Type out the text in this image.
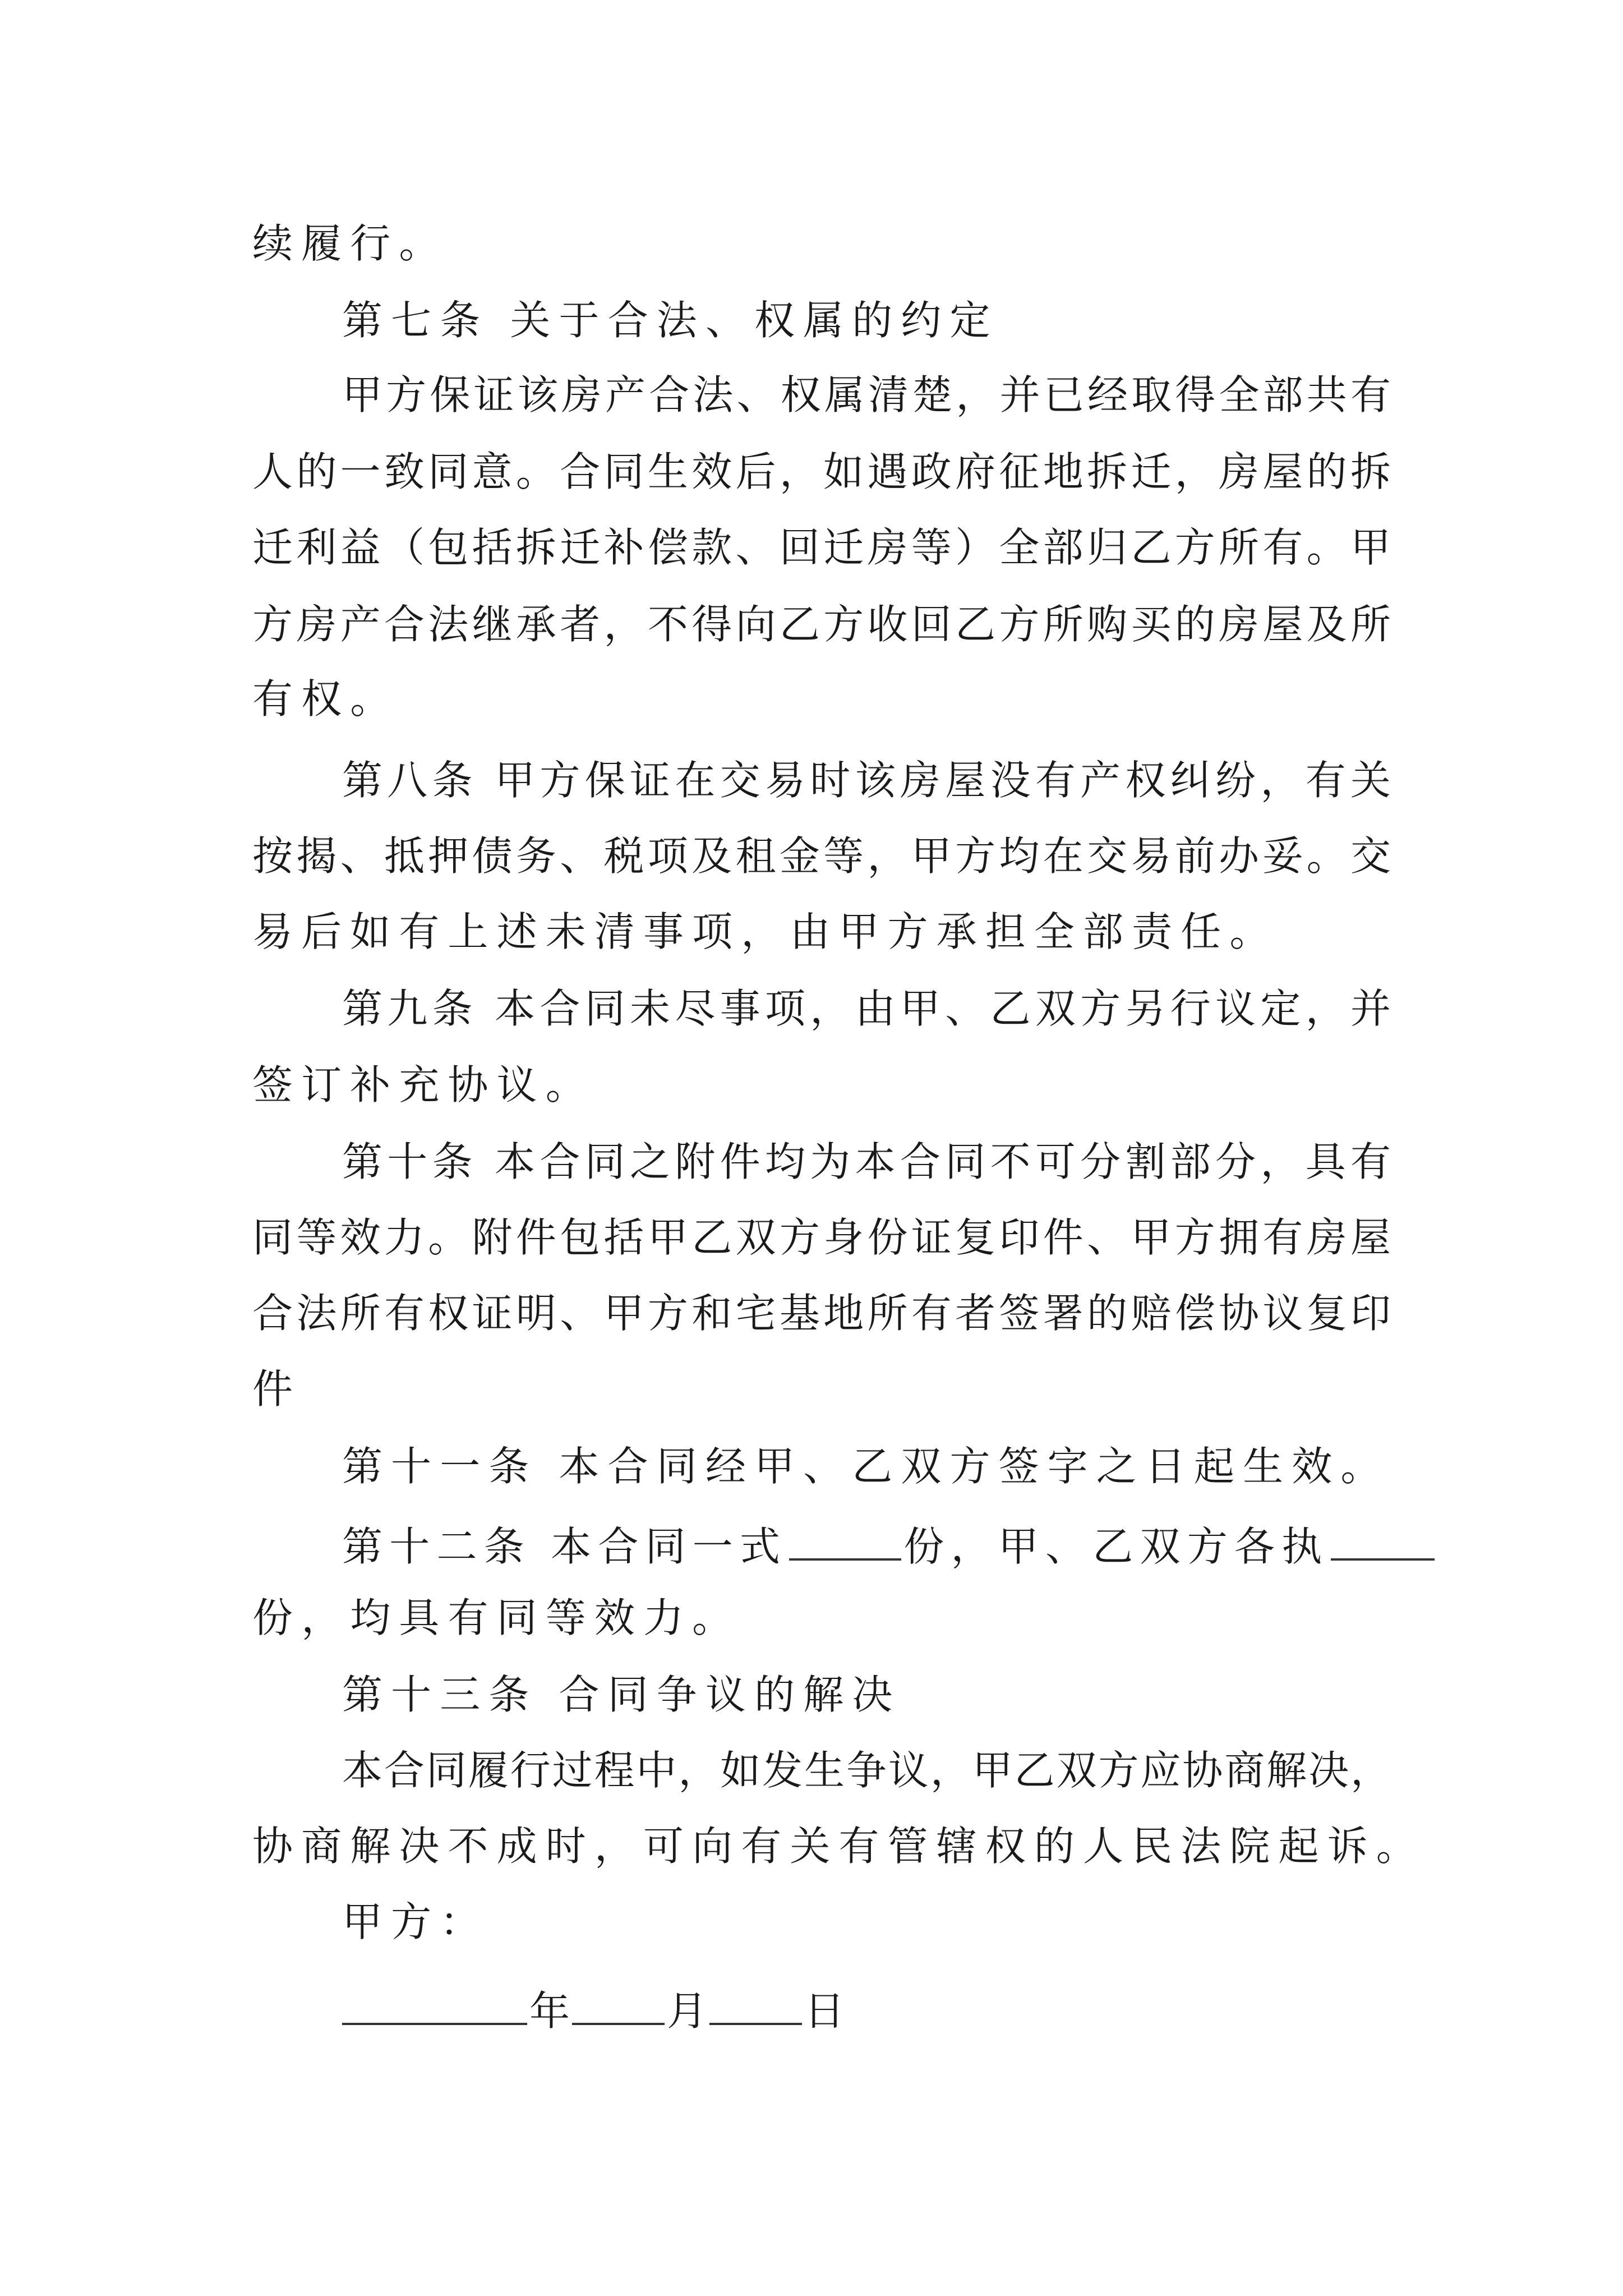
续履行。
第七条 关于合法、权属的约定
甲方保证该房产合法、权属清楚，并已经取得全部共有
人的一致同意。合同生效后，如遇政府征地拆迁，房屋的拆
迁利益（包括拆迁补偿款、回迁房等）全部归乙方所有。甲
方房产合法继承者，不得向乙方收回乙方所购买的房屋及所
有权。
第八条 甲方保证在交易时该房屋没有产权纠纷，有关
按揭、抵押债务、税项及租金等，甲方均在交易前办妥。交
易后如有上述未清事项，由甲方承担全部责任。
第九条 本合同未尽事项，由甲、乙双方另行议定，并
签订补充协议。
第十条 本合同之附件均为本合同不可分割部分，具有
同等效力。附件包括甲乙双方身份证复印件、甲方拥有房屋
合法所有权证明、甲方和宅基地所有者签署的赔偿协议复印
件
第十一条 本合同经甲、乙双方签字之日起生效。
第十二条 本合同一式	份，甲、乙双方各执
份，均具有同等效力。
第十三条 合同争议的解决
本合同履行过程中，如发生争议，甲乙双方应协商解决，
协商解决不成时，可向有关有管辖权的人民法院起诉。
甲方：
年 月 日
